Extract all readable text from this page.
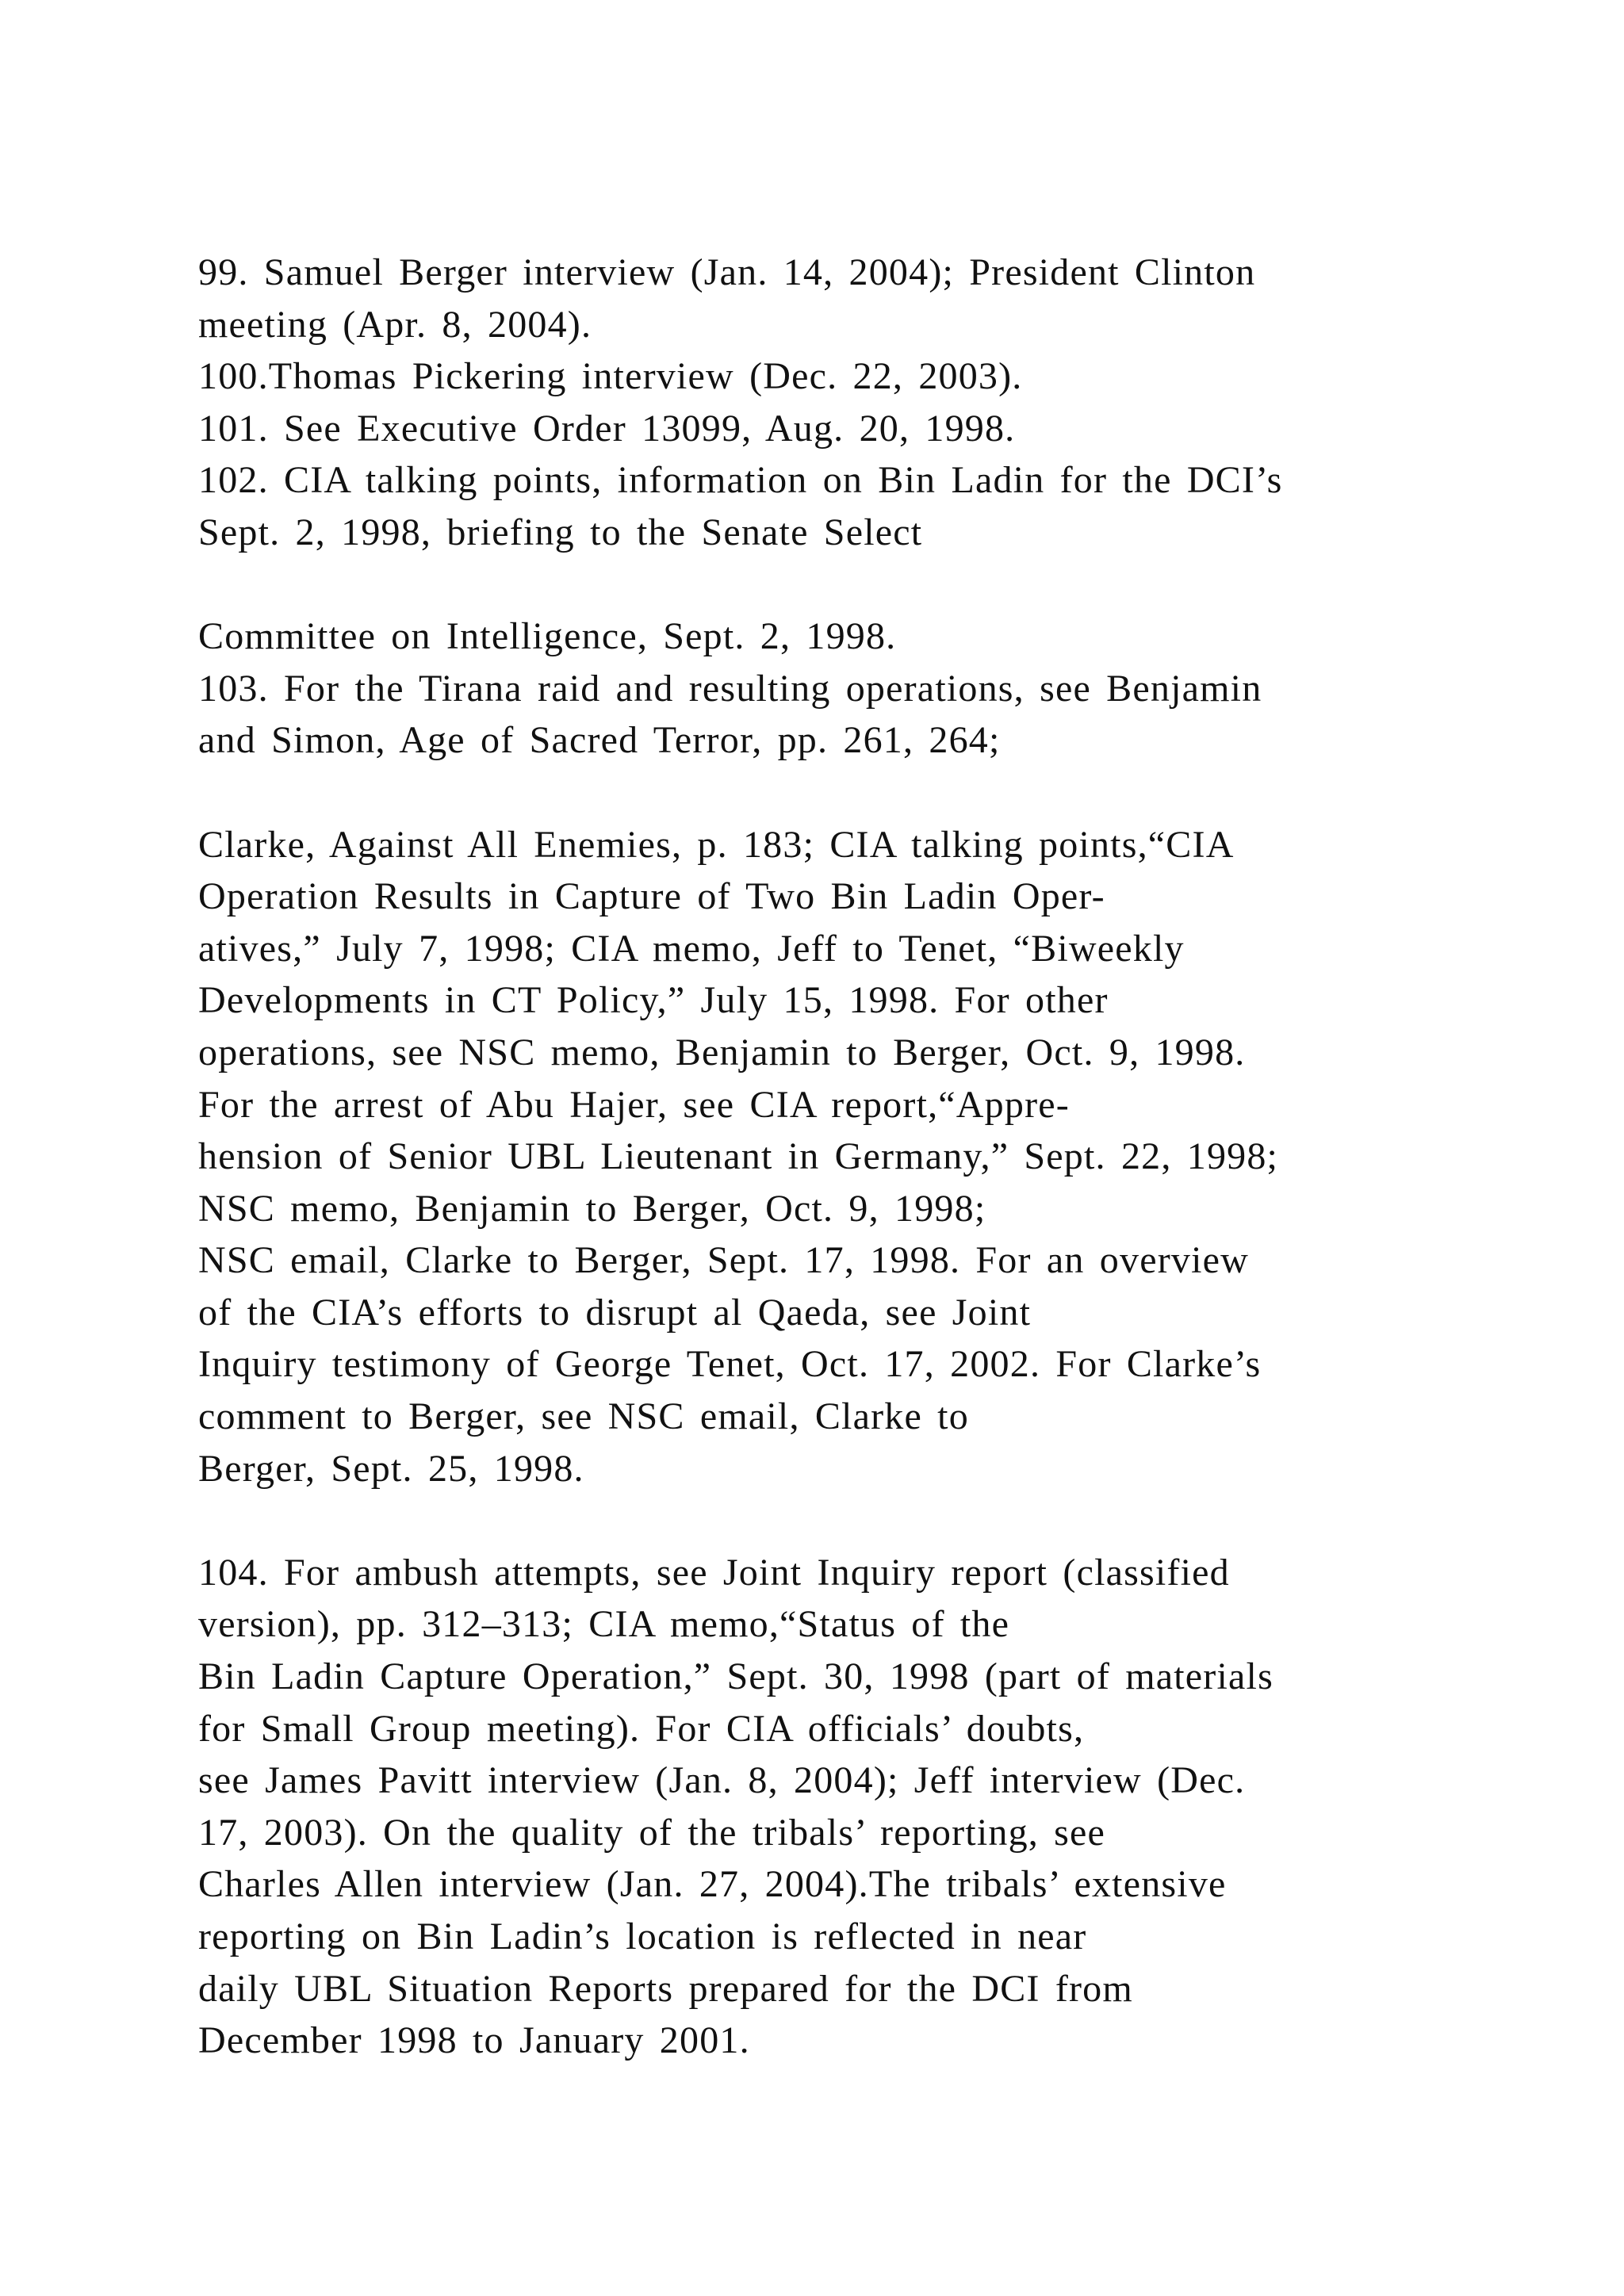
99. Samuel Berger interview (Jan. 14, 2004); President Clinton
meeting (Apr. 8, 2004).
100.Thomas Pickering interview (Dec. 22, 2003).
101. See Executive Order 13099, Aug. 20, 1998.
102. CIA talking points, information on Bin Ladin for the DCI’s
Sept. 2, 1998, briefing to the Senate Select
Committee on Intelligence, Sept. 2, 1998.
103. For the Tirana raid and resulting operations, see Benjamin
and Simon, Age of Sacred Terror, pp. 261, 264;
Clarke, Against All Enemies, p. 183; CIA talking points,“CIA
Operation Results in Capture of Two Bin Ladin Oper-
atives,” July 7, 1998; CIA memo, Jeff to Tenet, “Biweekly
Developments in CT Policy,” July 15, 1998. For other
operations, see NSC memo, Benjamin to Berger, Oct. 9, 1998.
For the arrest of Abu Hajer, see CIA report,“Appre-
hension of Senior UBL Lieutenant in Germany,” Sept. 22, 1998;
NSC memo, Benjamin to Berger, Oct. 9, 1998;
NSC email, Clarke to Berger, Sept. 17, 1998. For an overview
of the CIA’s efforts to disrupt al Qaeda, see Joint
Inquiry testimony of George Tenet, Oct. 17, 2002. For Clarke’s
comment to Berger, see NSC email, Clarke to
Berger, Sept. 25, 1998.
104. For ambush attempts, see Joint Inquiry report (classified
version), pp. 312–313; CIA memo,“Status of the
Bin Ladin Capture Operation,” Sept. 30, 1998 (part of materials
for Small Group meeting). For CIA officials’ doubts,
see James Pavitt interview (Jan. 8, 2004); Jeff interview (Dec.
17, 2003). On the quality of the tribals’ reporting, see
Charles Allen interview (Jan. 27, 2004).The tribals’ extensive
reporting on Bin Ladin’s location is reflected in near
daily UBL Situation Reports prepared for the DCI from
December 1998 to January 2001.
